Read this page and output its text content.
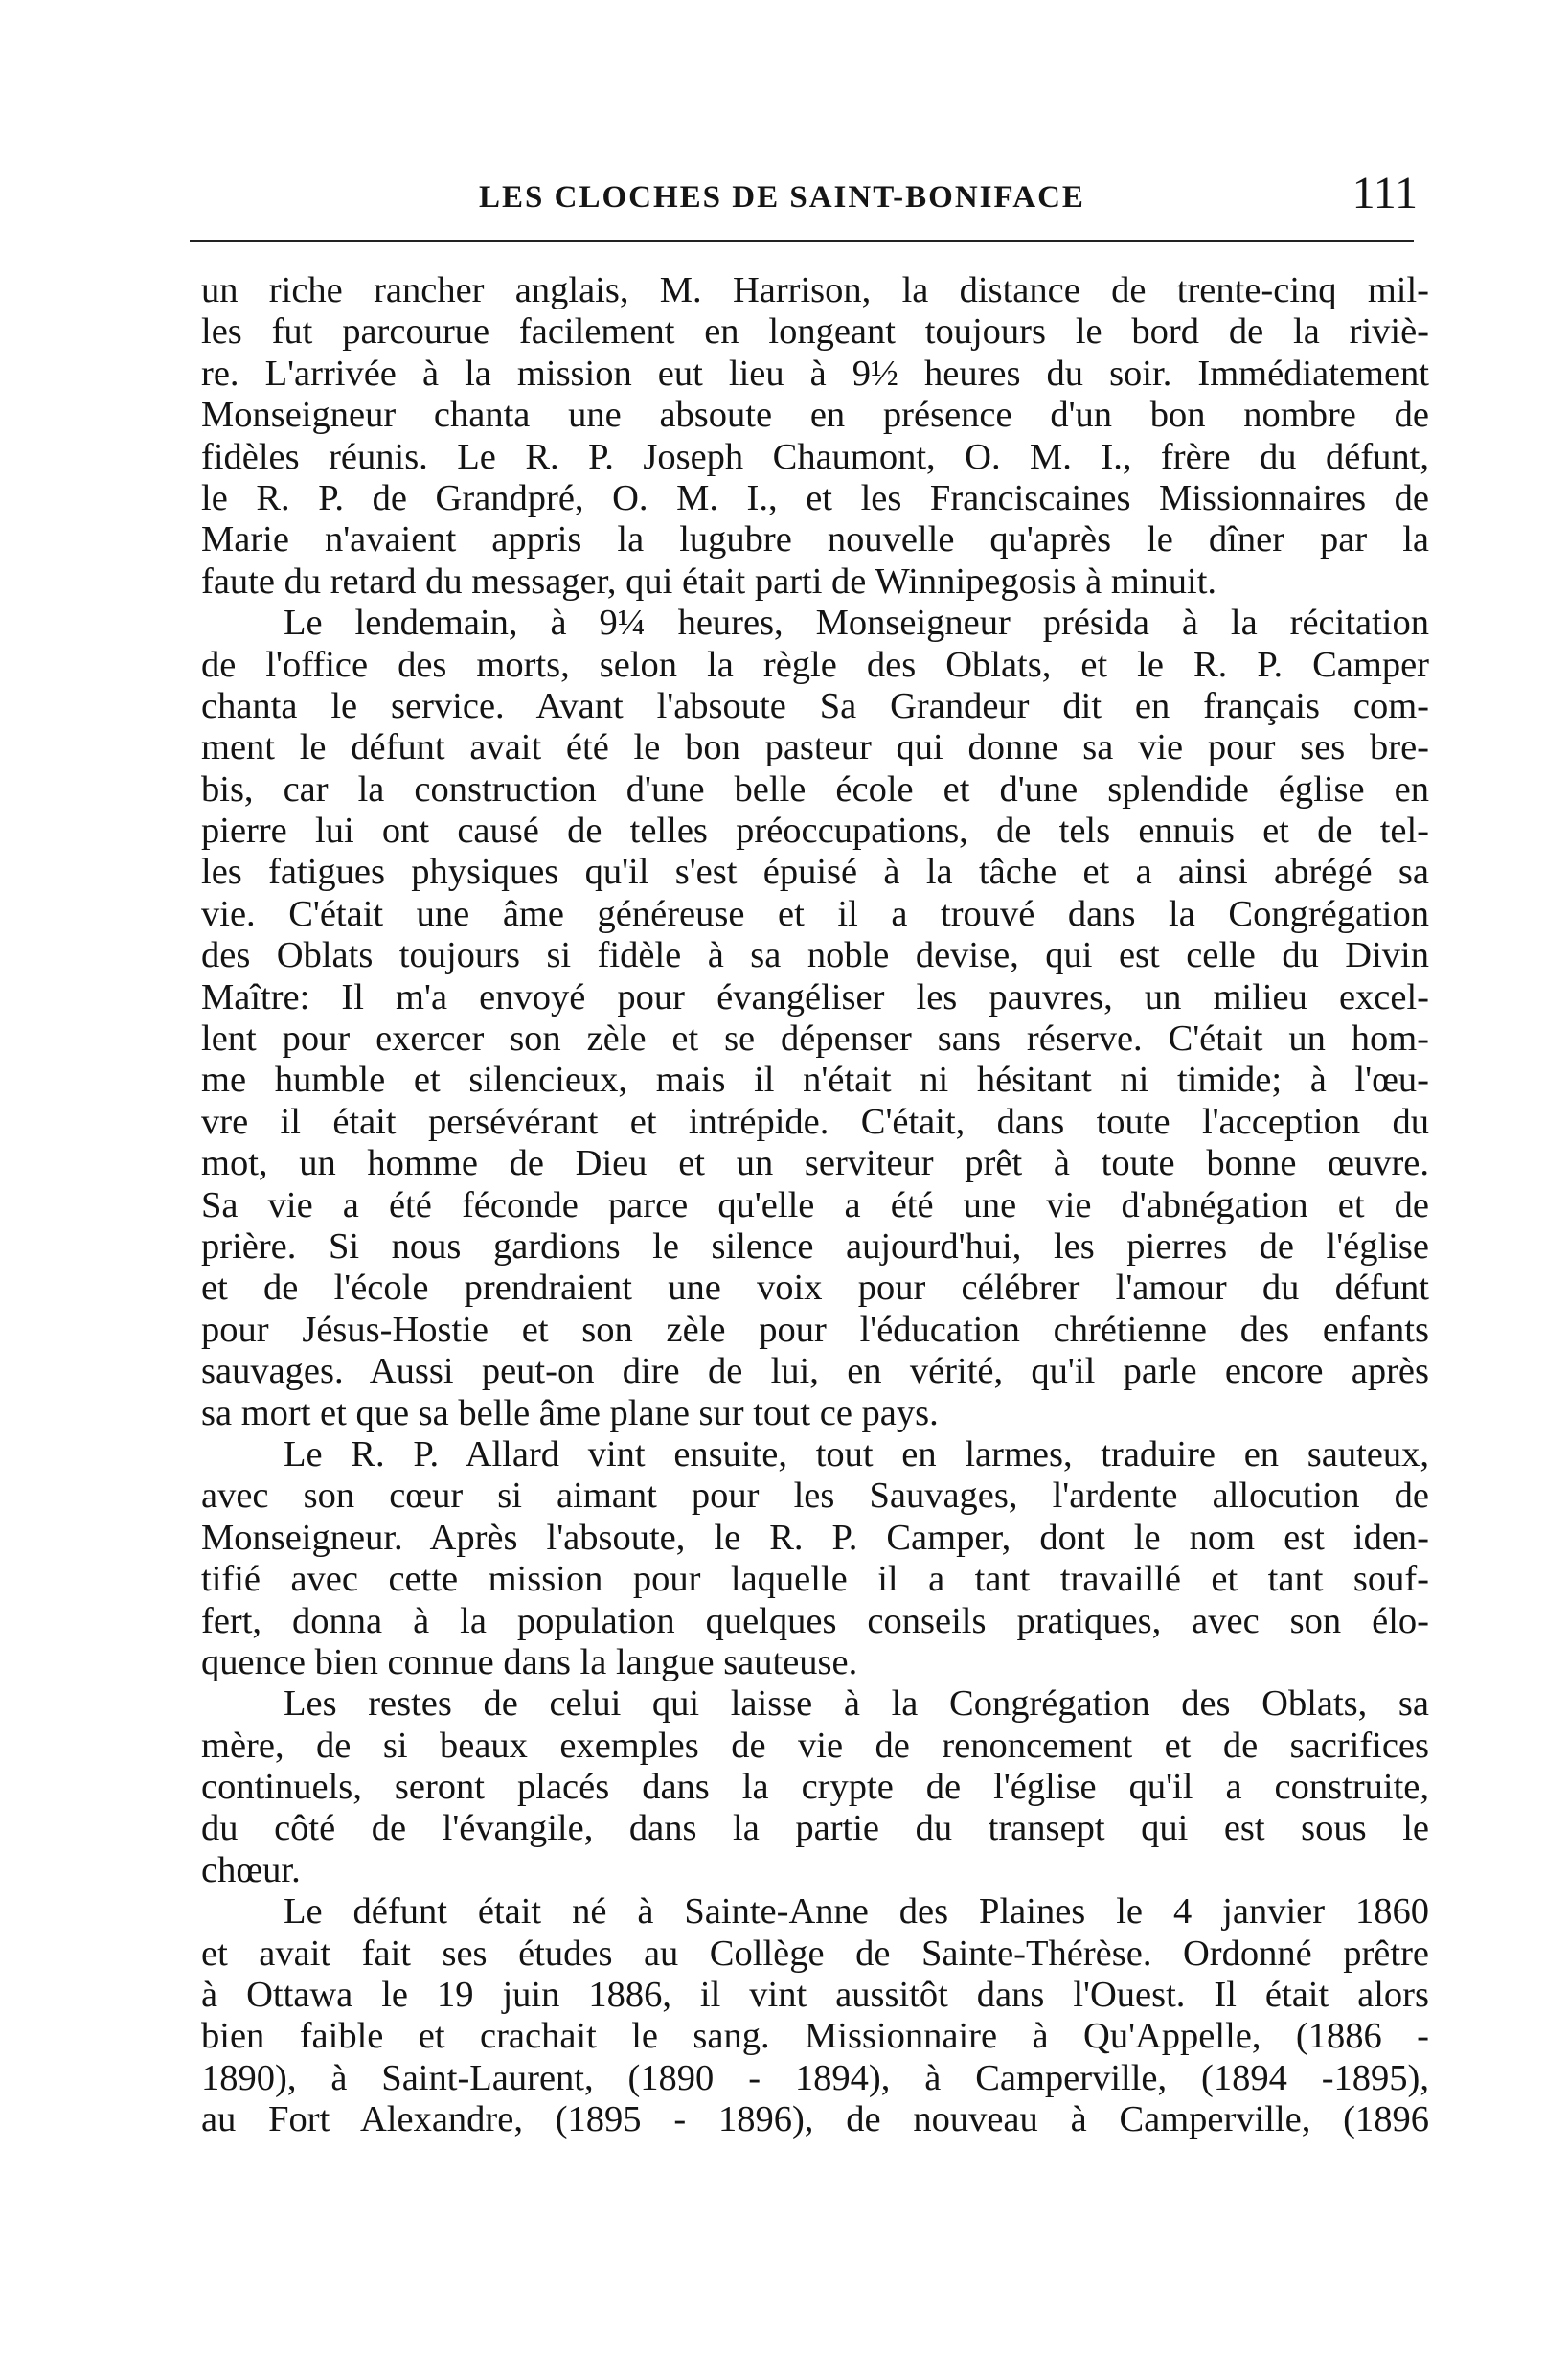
LES CLOCHES DE SAINT-BONIFACE	111
un riche rancher anglais, M. Harrison, la distance de trente-cinq mil-
les fut parcourue facilement en longeant toujours le bord de la riviè-
re. L'arrivée à la mission eut lieu à 9½ heures du soir. Immédiatement
Monseigneur chanta une absoute en présence d'un bon nombre de
fidèles réunis. Le R. P. Joseph Chaumont, O. M. I., frère du défunt,
le R. P. de Grandpré, O. M. I., et les Franciscaines Missionnaires de
Marie n'avaient appris la lugubre nouvelle qu'après le dîner par la
faute du retard du messager, qui était parti de Winnipegosis à minuit.
Le lendemain, à 9¼ heures, Monseigneur présida à la récitation
de l'office des morts, selon la règle des Oblats, et le R. P. Camper
chanta le service. Avant l'absoute Sa Grandeur dit en français com-
ment le défunt avait été le bon pasteur qui donne sa vie pour ses bre-
bis, car la construction d'une belle école et d'une splendide église en
pierre lui ont causé de telles préoccupations, de tels ennuis et de tel-
les fatigues physiques qu'il s'est épuisé à la tâche et a ainsi abrégé sa
vie. C'était une âme généreuse et il a trouvé dans la Congrégation
des Oblats toujours si fidèle à sa noble devise, qui est celle du Divin
Maître: Il m'a envoyé pour évangéliser les pauvres, un milieu excel-
lent pour exercer son zèle et se dépenser sans réserve. C'était un hom-
me humble et silencieux, mais il n'était ni hésitant ni timide; à l'œu-
vre il était persévérant et intrépide. C'était, dans toute l'acception du
mot, un homme de Dieu et un serviteur prêt à toute bonne œuvre.
Sa vie a été féconde parce qu'elle a été une vie d'abnégation et de
prière. Si nous gardions le silence aujourd'hui, les pierres de l'église
et de l'école prendraient une voix pour célébrer l'amour du défunt
pour Jésus-Hostie et son zèle pour l'éducation chrétienne des enfants
sauvages. Aussi peut-on dire de lui, en vérité, qu'il parle encore après
sa mort et que sa belle âme plane sur tout ce pays.
Le R. P. Allard vint ensuite, tout en larmes, traduire en sauteux,
avec son cœur si aimant pour les Sauvages, l'ardente allocution de
Monseigneur. Après l'absoute, le R. P. Camper, dont le nom est iden-
tifié avec cette mission pour laquelle il a tant travaillé et tant souf-
fert, donna à la population quelques conseils pratiques, avec son élo-
quence bien connue dans la langue sauteuse.
Les restes de celui qui laisse à la Congrégation des Oblats, sa
mère, de si beaux exemples de vie de renoncement et de sacrifices
continuels, seront placés dans la crypte de l'église qu'il a construite,
du côté de l'évangile, dans la partie du transept qui est sous le
chœur.
Le défunt était né à Sainte-Anne des Plaines le 4 janvier 1860
et avait fait ses études au Collège de Sainte-Thérèse. Ordonné prêtre
à Ottawa le 19 juin 1886, il vint aussitôt dans l'Ouest. Il était alors
bien faible et crachait le sang. Missionnaire à Qu'Appelle, (1886 -
1890), à Saint-Laurent, (1890 - 1894), à Camperville, (1894 -1895),
au Fort Alexandre, (1895 - 1896), de nouveau à Camperville, (1896
